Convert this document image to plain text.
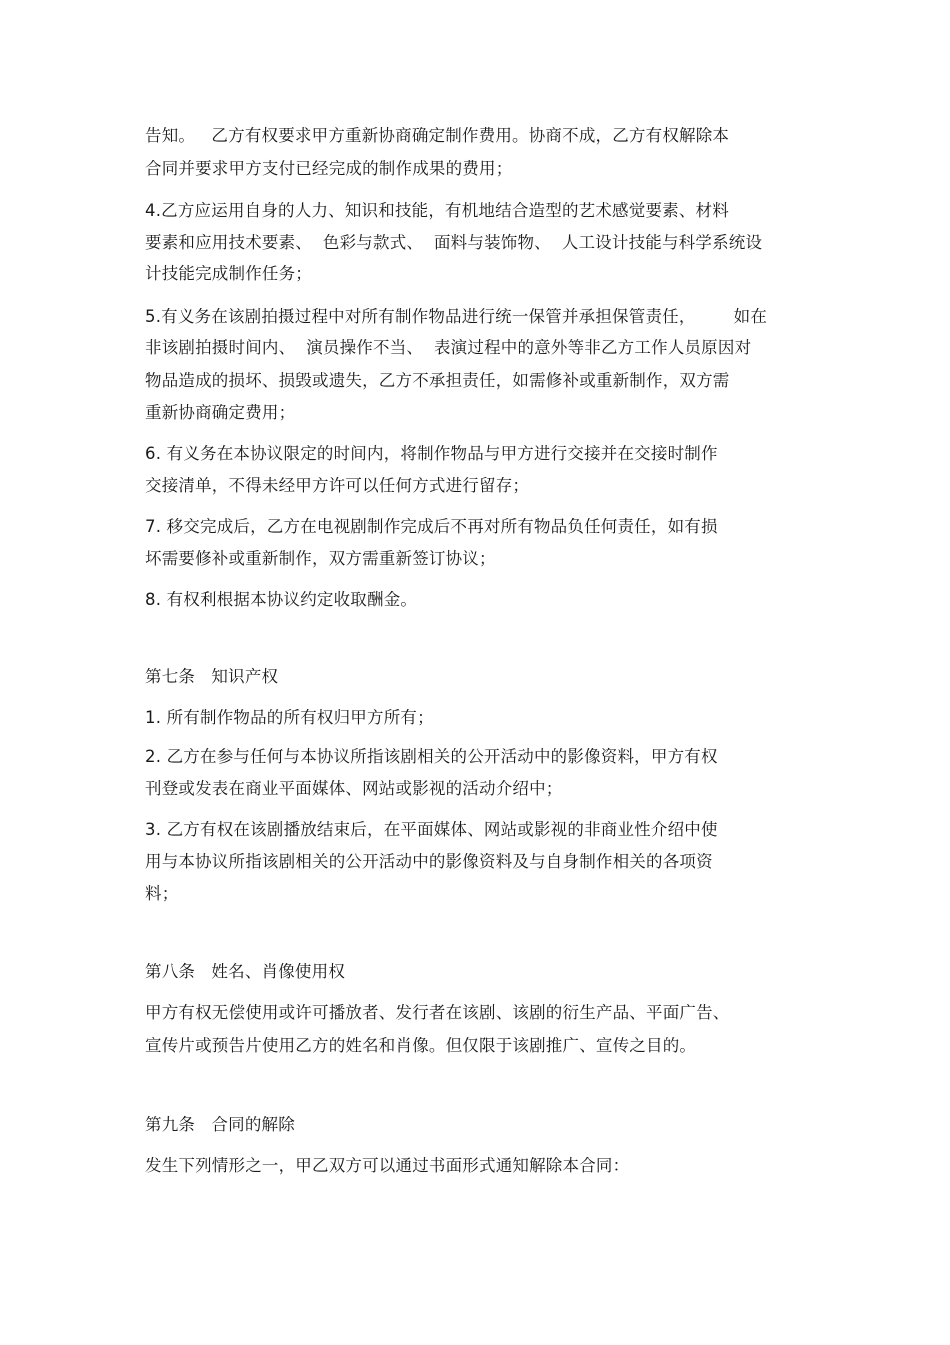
告知。   乙方有权要求甲方重新协商确定制作费用。协商不成，乙方有权解除本
合同并要求甲方支付已经完成的制作成果的费用；
4.乙方应运用自身的人力、知识和技能，有机地结合造型的艺术感觉要素、材料
要素和应用技术要素、  色彩与款式、  面料与装饰物、  人工设计技能与科学系统设
计技能完成制作任务；
5.有义务在该剧拍摄过程中对所有制作物品进行统一保管并承担保管责任，       如在
非该剧拍摄时间内、  演员操作不当、  表演过程中的意外等非乙方工作人员原因对
物品造成的损坏、损毁或遗失，乙方不承担责任，如需修补或重新制作，双方需
重新协商确定费用；
6. 有义务在本协议限定的时间内，将制作物品与甲方进行交接并在交接时制作
交接清单，不得未经甲方许可以任何方式进行留存；
7. 移交完成后，乙方在电视剧制作完成后不再对所有物品负任何责任，如有损
坏需要修补或重新制作，双方需重新签订协议；
8. 有权利根据本协议约定收取酬金。
第七条   知识产权
1. 所有制作物品的所有权归甲方所有；
2. 乙方在参与任何与本协议所指该剧相关的公开活动中的影像资料，甲方有权
刊登或发表在商业平面媒体、网站或影视的活动介绍中；
3. 乙方有权在该剧播放结束后，在平面媒体、网站或影视的非商业性介绍中使
用与本协议所指该剧相关的公开活动中的影像资料及与自身制作相关的各项资
料；
第八条   姓名、肖像使用权
甲方有权无偿使用或许可播放者、发行者在该剧、该剧的衍生产品、平面广告、
宣传片或预告片使用乙方的姓名和肖像。但仅限于该剧推广、宣传之目的。
第九条   合同的解除
发生下列情形之一，甲乙双方可以通过书面形式通知解除本合同：
